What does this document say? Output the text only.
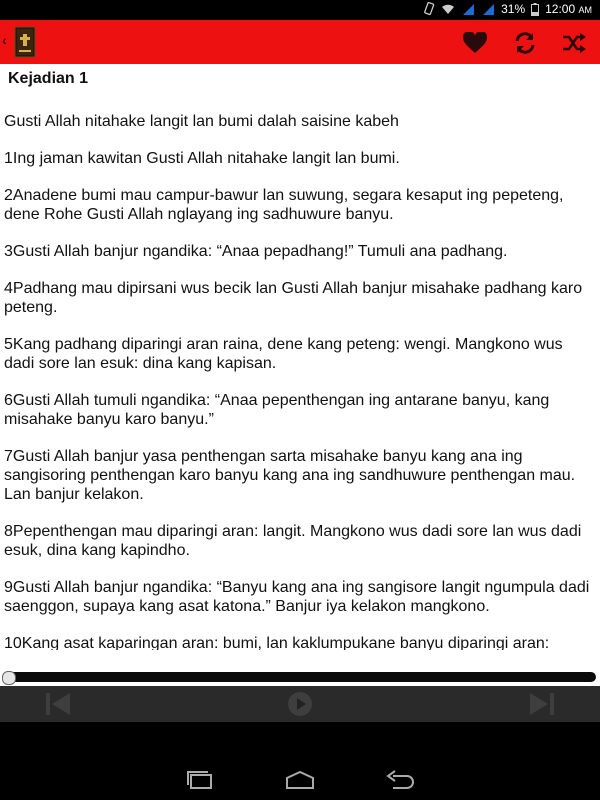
31% 12:00 AM
‹
Kejadian 1

Gusti Allah nitahake langit lan bumi dalah saisine kabeh

1Ing jaman kawitan Gusti Allah nitahake langit lan bumi.

2Anadene bumi mau campur-bawur lan suwung, segara kesaput ing pepeteng, dene Rohe Gusti Allah nglayang ing sadhuwure banyu.

3Gusti Allah banjur ngandika: “Anaa pepadhang!” Tumuli ana padhang.

4Padhang mau dipirsani wus becik lan Gusti Allah banjur misahake padhang karo peteng.

5Kang padhang diparingi aran raina, dene kang peteng: wengi. Mangkono wus dadi sore lan esuk: dina kang kapisan.

6Gusti Allah tumuli ngandika: “Anaa pepenthengan ing antarane banyu, kang misahake banyu karo banyu.”

7Gusti Allah banjur yasa penthengan sarta misahake banyu kang ana ing sangisoring penthengan karo banyu kang ana ing sandhuwure penthengan mau. Lan banjur kelakon.

8Pepenthengan mau diparingi aran: langit. Mangkono wus dadi sore lan wus dadi esuk, dina kang kapindho.

9Gusti Allah banjur ngandika: “Banyu kang ana ing sangisore langit ngumpula dadi saenggon, supaya kang asat katona.” Banjur iya kelakon mangkono.

10Kang asat kaparingan aran: bumi, lan kaklumpukane banyu diparingi aran:
